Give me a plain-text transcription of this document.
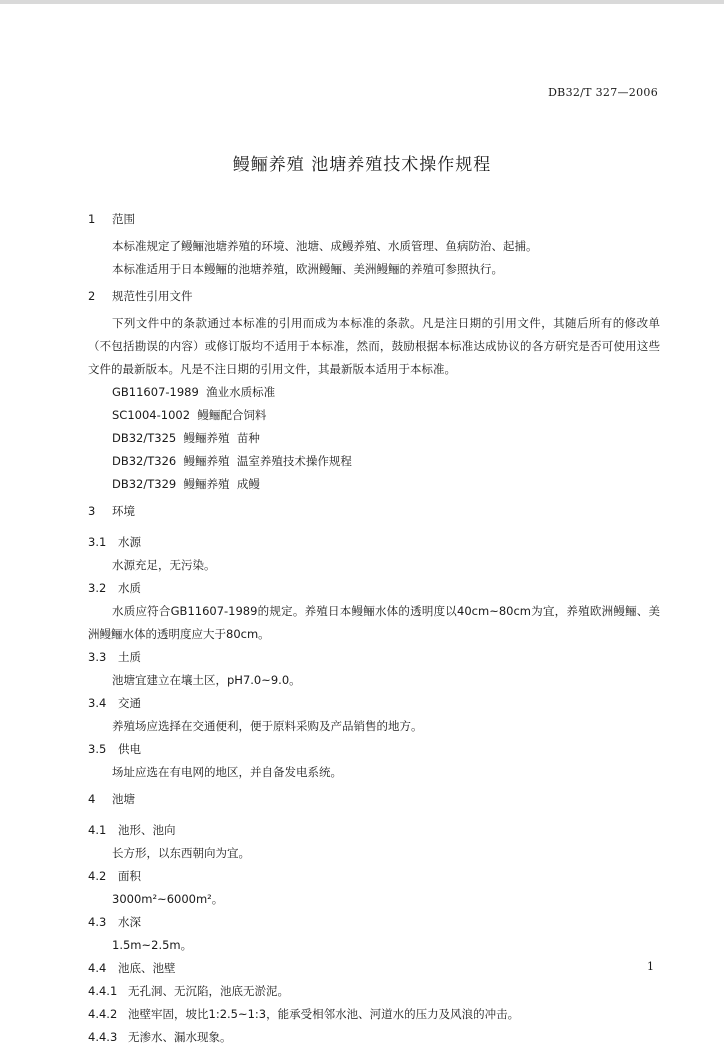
DB32/T 327—2006
鳗鲡养殖 池塘养殖技术操作规程
1	范围
本标准规定了鳗鲡池塘养殖的环境、池塘、成鳗养殖、水质管理、鱼病防治、起捕。
本标准适用于日本鳗鲡的池塘养殖，欧洲鳗鲡、美洲鳗鲡的养殖可参照执行。
2	规范性引用文件
下列文件中的条款通过本标准的引用而成为本标准的条款。凡是注日期的引用文件，其随后所有的修改单（不包括勘误的内容）或修订版均不适用于本标准，然而，鼓励根据本标准达成协议的各方研究是否可使用这些文件的最新版本。凡是不注日期的引用文件，其最新版本适用于本标准。
GB11607-1989  渔业水质标准
SC1004-1002  鳗鲡配合饲料
DB32/T325  鳗鲡养殖  苗种
DB32/T326  鳗鲡养殖  温室养殖技术操作规程
DB32/T329  鳗鲡养殖  成鳗
3	环境
3.1	水源
水源充足，无污染。
3.2	水质
水质应符合GB11607-1989的规定。养殖日本鳗鲡水体的透明度以40cm~80cm为宜，养殖欧洲鳗鲡、美洲鳗鲡水体的透明度应大于80cm。
3.3	土质
池塘宜建立在壤土区，pH7.0~9.0。
3.4	交通
养殖场应选择在交通便利，便于原料采购及产品销售的地方。
3.5	供电
场址应选在有电网的地区，并自备发电系统。
4	池塘
4.1	池形、池向
长方形，以东西朝向为宜。
4.2	面积
3000m²~6000m²。
4.3	水深
1.5m~2.5m。
4.4	池底、池壁
4.4.1 无孔洞、无沉陷，池底无淤泥。
4.4.2 池壁牢固，坡比1:2.5~1:3，能承受相邻水池、河道水的压力及风浪的冲击。
4.4.3 无渗水、漏水现象。
1
